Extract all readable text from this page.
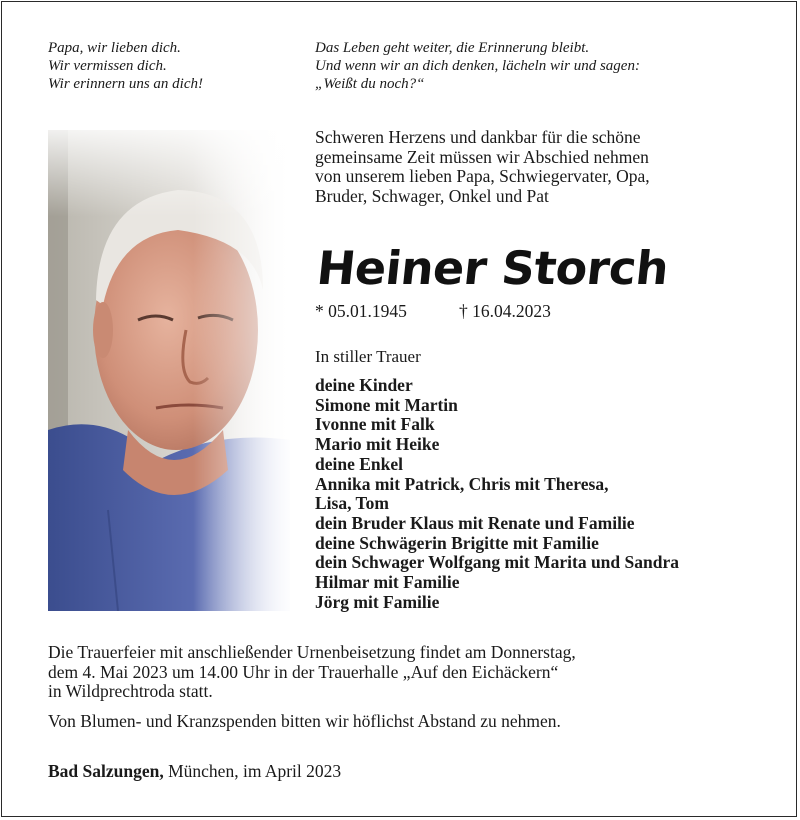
Papa, wir lieben dich.
Wir vermissen dich.
Wir erinnern uns an dich!
Das Leben geht weiter, die Erinnerung bleibt.
Und wenn wir an dich denken, lächeln wir und sagen:
„Weißt du noch?“
Schweren Herzens und dankbar für die schöne
gemeinsame Zeit müssen wir Abschied nehmen
von unserem lieben Papa, Schwiegervater, Opa,
Bruder, Schwager, Onkel und Pat
Heiner Storch
* 05.01.1945	† 16.04.2023
In stiller Trauer
deine Kinder
Simone mit Martin
Ivonne mit Falk
Mario mit Heike
deine Enkel
Annika mit Patrick, Chris mit Theresa,
Lisa, Tom
dein Bruder Klaus mit Renate und Familie
deine Schwägerin Brigitte mit Familie
dein Schwager Wolfgang mit Marita und Sandra
Hilmar mit Familie
Jörg mit Familie
Die Trauerfeier mit anschließender Urnenbeisetzung findet am Donnerstag,
dem 4. Mai 2023 um 14.00 Uhr in der Trauerhalle „Auf den Eichäckern“
in Wildprechtroda statt.
Von Blumen- und Kranzspenden bitten wir höflichst Abstand zu nehmen.
Bad Salzungen, München, im April 2023
